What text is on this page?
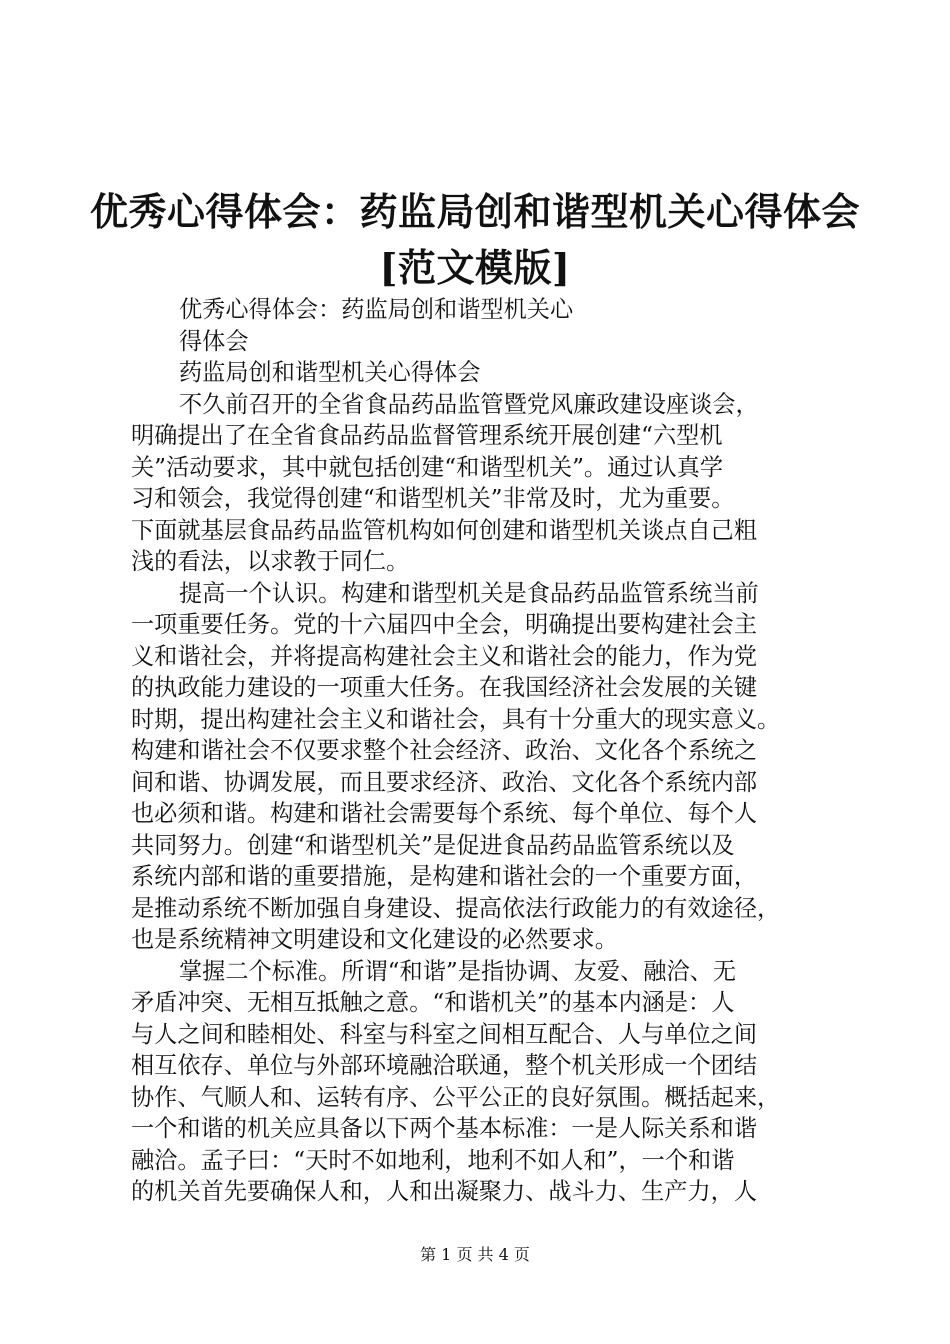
优秀心得体会：药监局创和谐型机关心得体会
[范文模版]
优秀心得体会：药监局创和谐型机关心
得体会
药监局创和谐型机关心得体会
不久前召开的全省食品药品监管暨党风廉政建设座谈会，
明确提出了在全省食品药品监督管理系统开展创建“六型机
关”活动要求，其中就包括创建“和谐型机关”。通过认真学
习和领会，我觉得创建“和谐型机关”非常及时，尤为重要。
下面就基层食品药品监管机构如何创建和谐型机关谈点自己粗
浅的看法，以求教于同仁。
提高一个认识。构建和谐型机关是食品药品监管系统当前
一项重要任务。党的十六届四中全会，明确提出要构建社会主
义和谐社会，并将提高构建社会主义和谐社会的能力，作为党
的执政能力建设的一项重大任务。在我国经济社会发展的关键
时期，提出构建社会主义和谐社会，具有十分重大的现实意义。
构建和谐社会不仅要求整个社会经济、政治、文化各个系统之
间和谐、协调发展，而且要求经济、政治、文化各个系统内部
也必须和谐。构建和谐社会需要每个系统、每个单位、每个人
共同努力。创建“和谐型机关”是促进食品药品监管系统以及
系统内部和谐的重要措施，是构建和谐社会的一个重要方面，
是推动系统不断加强自身建设、提高依法行政能力的有效途径，
也是系统精神文明建设和文化建设的必然要求。
掌握二个标准。所谓“和谐”是指协调、友爱、融洽、无
矛盾冲突、无相互抵触之意。“和谐机关”的基本内涵是：人
与人之间和睦相处、科室与科室之间相互配合、人与单位之间
相互依存、单位与外部环境融洽联通，整个机关形成一个团结
协作、气顺人和、运转有序、公平公正的良好氛围。概括起来，
一个和谐的机关应具备以下两个基本标准：一是人际关系和谐
融洽。孟子曰：“天时不如地利，地利不如人和”，一个和谐
的机关首先要确保人和，人和出凝聚力、战斗力、生产力，人
第 1 页 共 4 页
